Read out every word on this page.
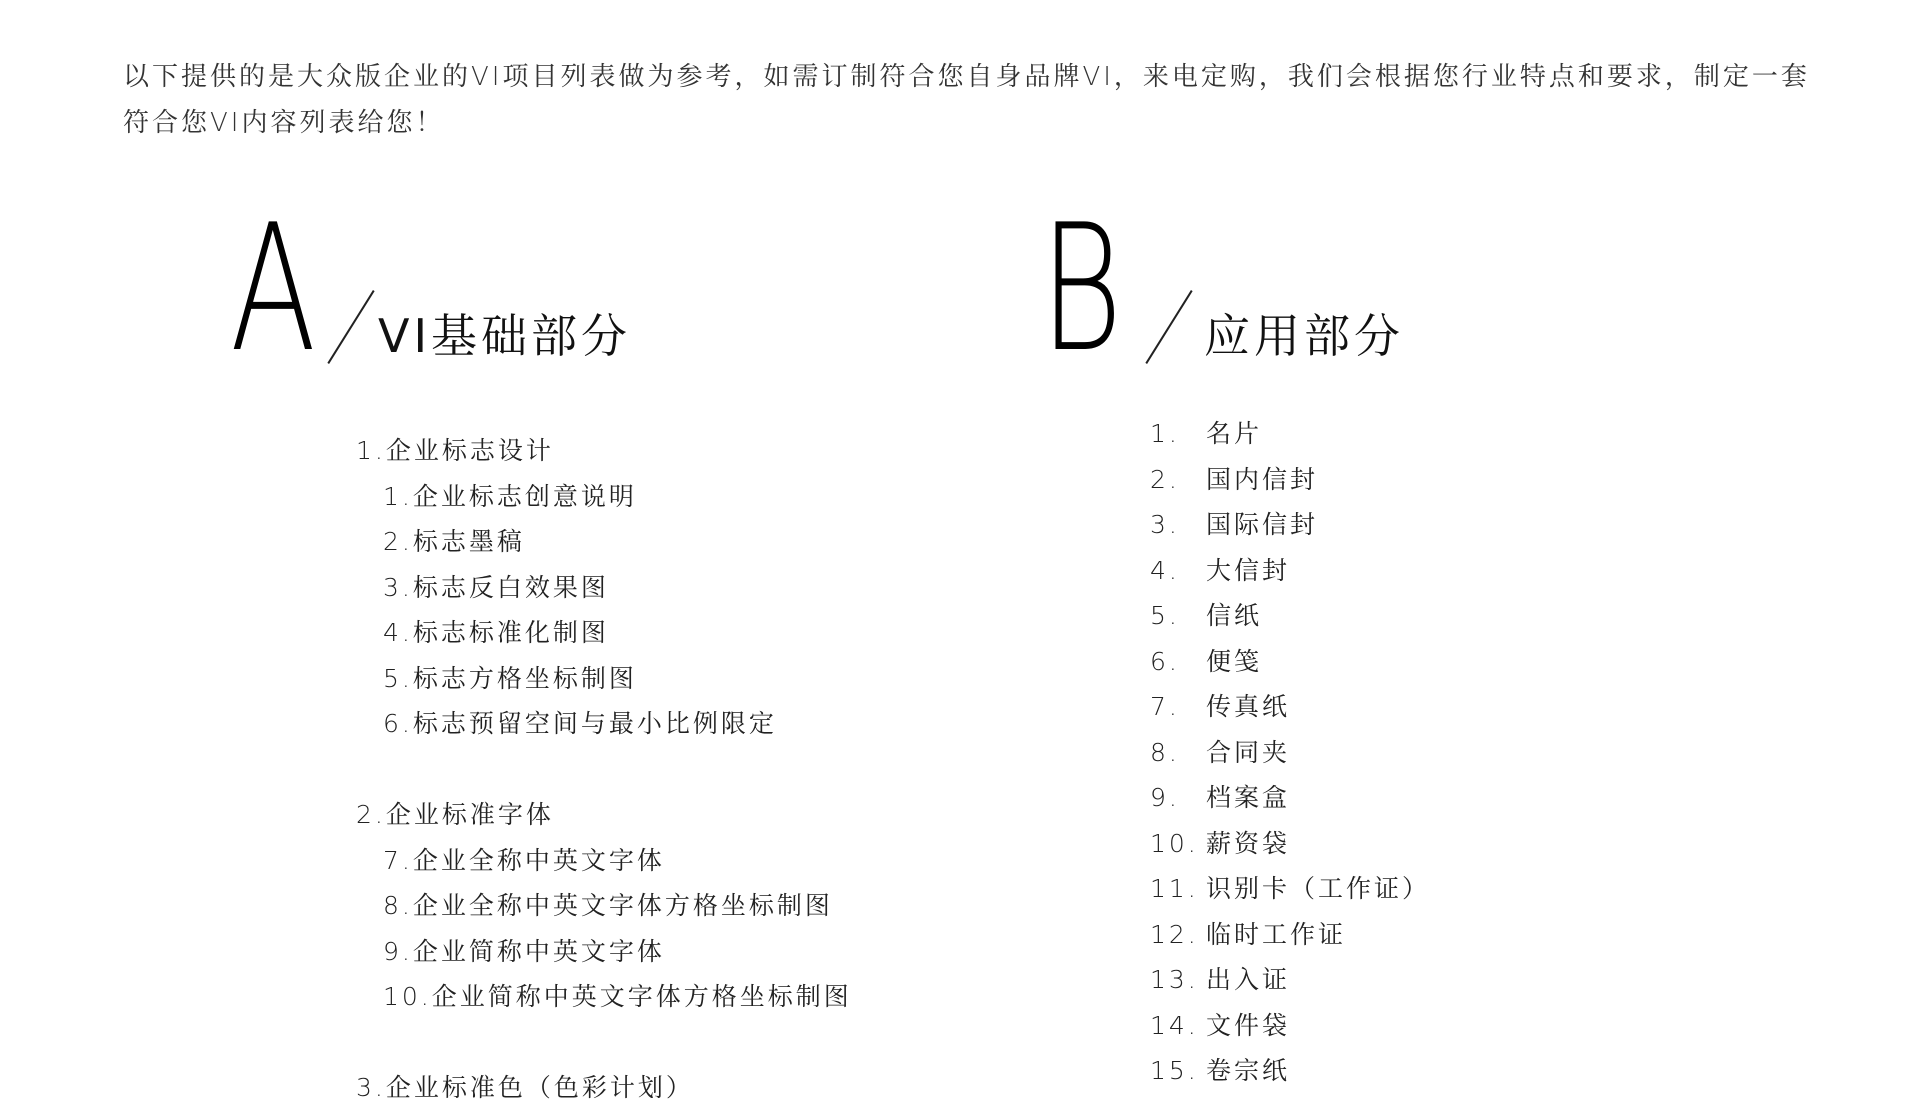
以下提供的是大众版企业的VI项目列表做为参考，如需订制符合您自身品牌VI，来电定购，我们会根据您行业特点和要求，制定一套符合您VI内容列表给您！

A VI基础部分 B 应用部分
1.企业标志设计
1.企业标志创意说明
2.标志墨稿
3.标志反白效果图
4.标志标准化制图
5.标志方格坐标制图
6.标志预留空间与最小比例限定
2.企业标准字体
7.企业全称中英文字体
8.企业全称中英文字体方格坐标制图
9.企业简称中英文字体
10.企业简称中英文字体方格坐标制图
3.企业标准色（色彩计划）
1. 名片
2. 国内信封
3. 国际信封
4. 大信封
5. 信纸
6. 便笺
7. 传真纸
8. 合同夹
9. 档案盒
10. 薪资袋
11. 识别卡（工作证）
12. 临时工作证
13. 出入证
14. 文件袋
15. 卷宗纸
